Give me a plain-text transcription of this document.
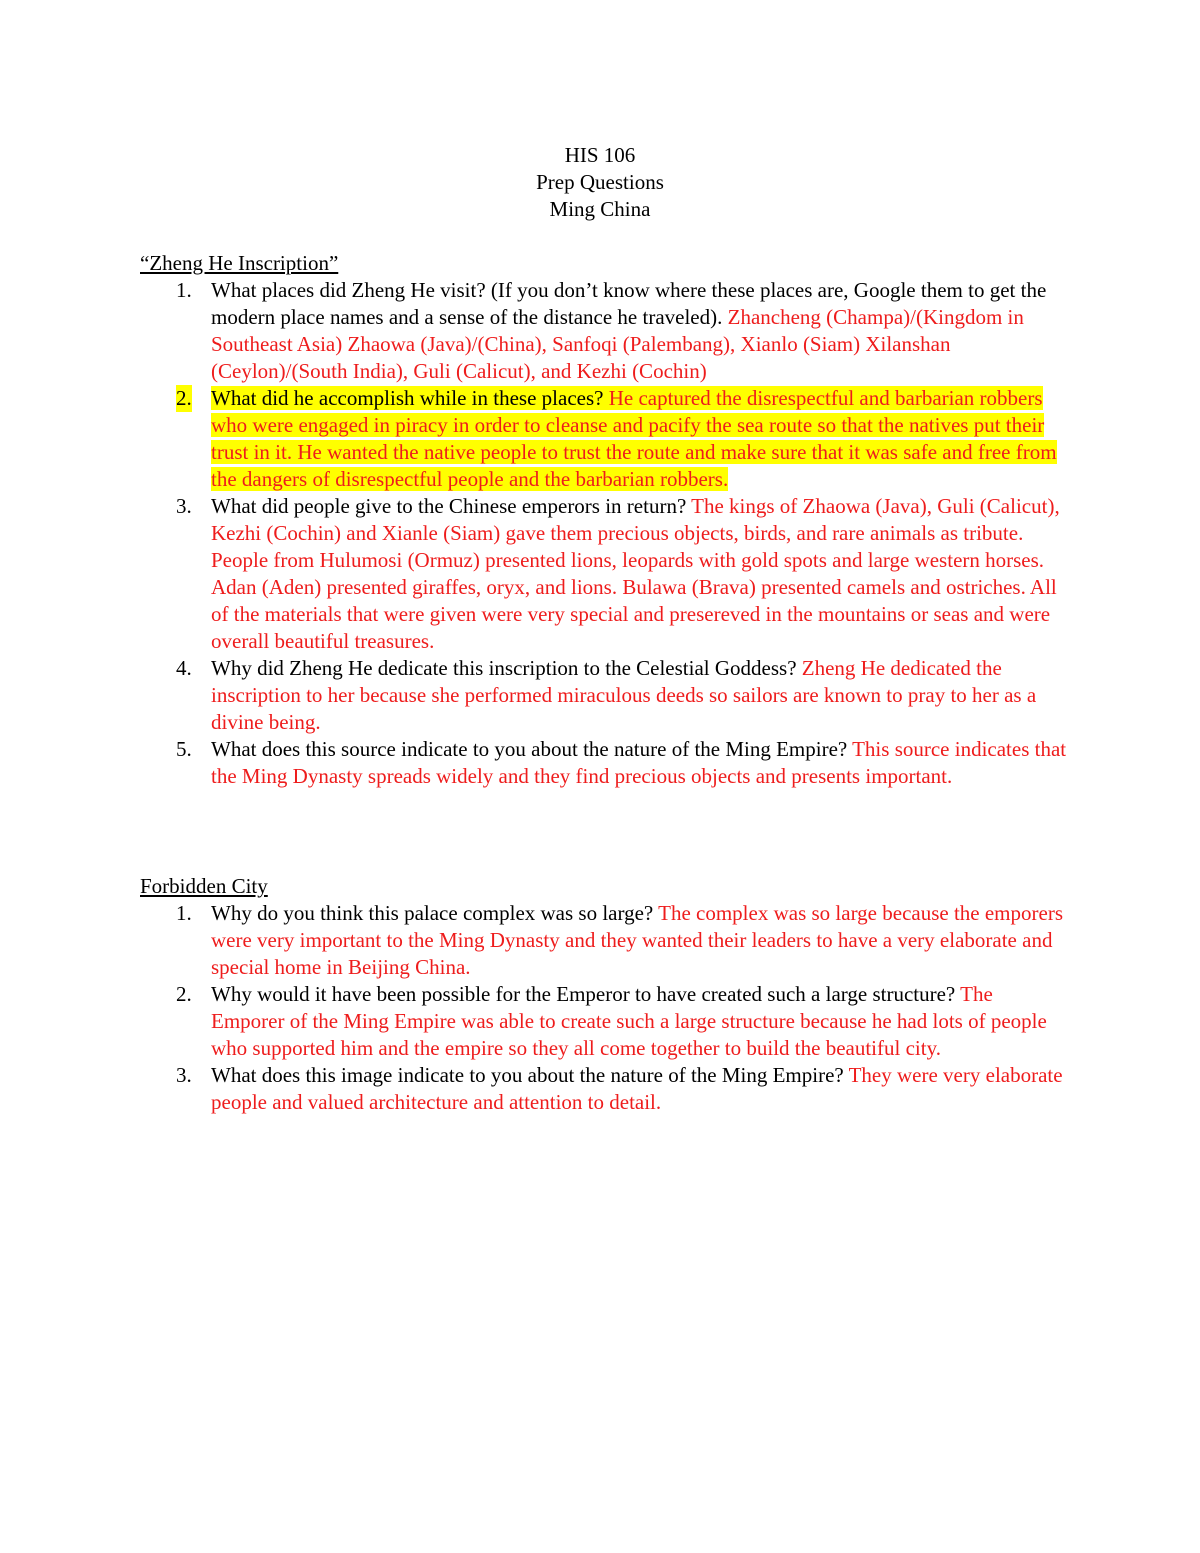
HIS 106
Prep Questions
Ming China
“Zheng He Inscription”
1. What places did Zheng He visit? (If you don’t know where these places are, Google them to get the modern place names and a sense of the distance he traveled). Zhancheng (Champa)/(Kingdom in Southeast Asia) Zhaowa (Java)/(China), Sanfoqi (Palembang), Xianlo (Siam) Xilanshan (Ceylon)/(South India), Guli (Calicut), and Kezhi (Cochin)
2. What did he accomplish while in these places? He captured the disrespectful and barbarian robbers who were engaged in piracy in order to cleanse and pacify the sea route so that the natives put their trust in it. He wanted the native people to trust the route and make sure that it was safe and free from the dangers of disrespectful people and the barbarian robbers.
3. What did people give to the Chinese emperors in return? The kings of Zhaowa (Java), Guli (Calicut), Kezhi (Cochin) and Xianle (Siam) gave them precious objects, birds, and rare animals as tribute. People from Hulumosi (Ormuz) presented lions, leopards with gold spots and large western horses. Adan (Aden) presented giraffes, oryx, and lions. Bulawa (Brava) presented camels and ostriches. All of the materials that were given were very special and presereved in the mountains or seas and were overall beautiful treasures.
4. Why did Zheng He dedicate this inscription to the Celestial Goddess? Zheng He dedicated the inscription to her because she performed miraculous deeds so sailors are known to pray to her as a divine being.
5. What does this source indicate to you about the nature of the Ming Empire? This source indicates that the Ming Dynasty spreads widely and they find precious objects and presents important.
Forbidden City
1. Why do you think this palace complex was so large? The complex was so large because the emporers were very important to the Ming Dynasty and they wanted their leaders to have a very elaborate and special home in Beijing China.
2. Why would it have been possible for the Emperor to have created such a large structure? The Emporer of the Ming Empire was able to create such a large structure because he had lots of people who supported him and the empire so they all come together to build the beautiful city.
3. What does this image indicate to you about the nature of the Ming Empire? They were very elaborate people and valued architecture and attention to detail.
